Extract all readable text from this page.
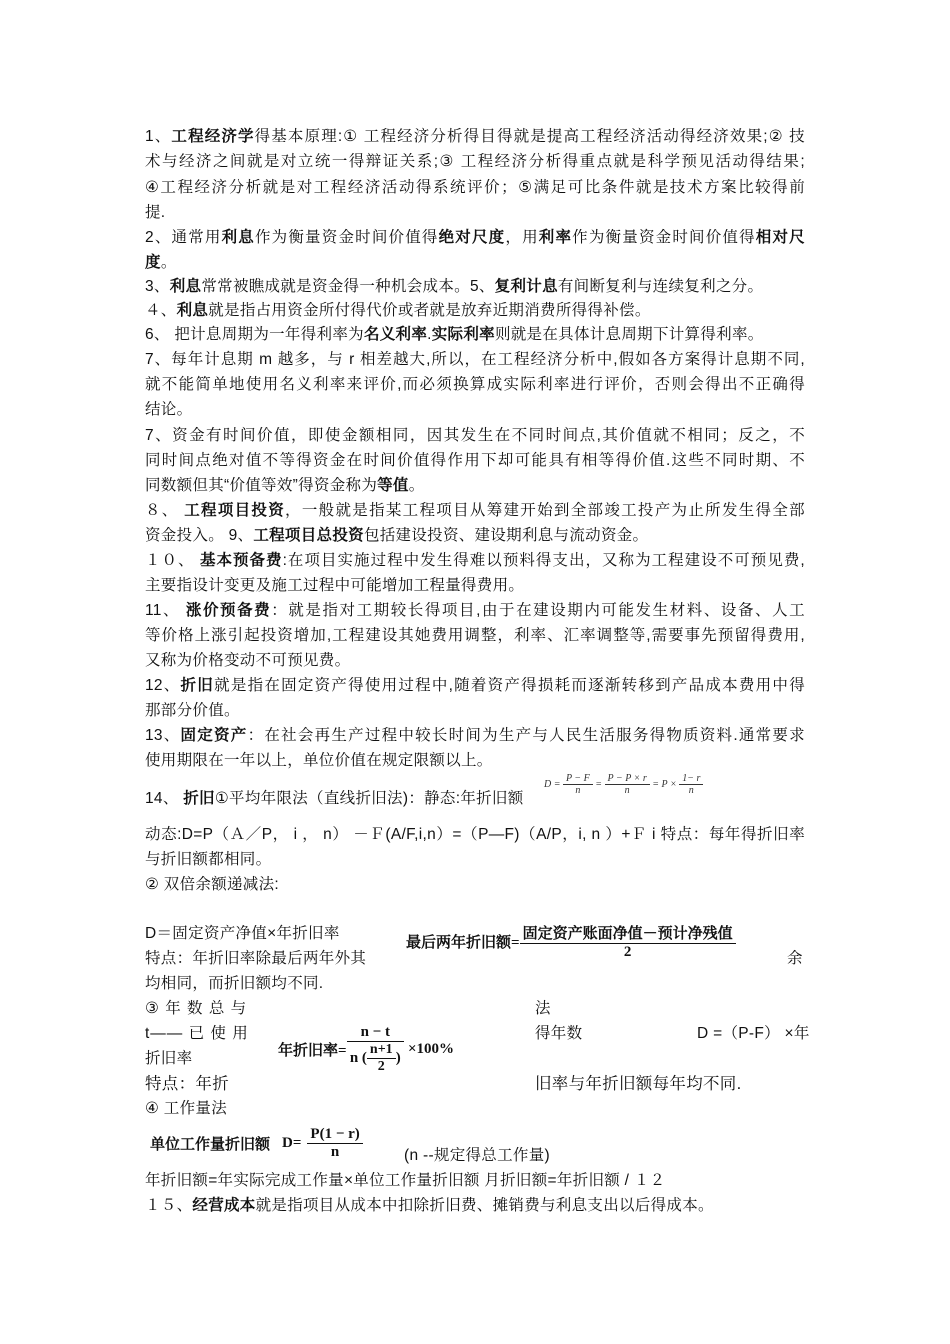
1、工程经济学得基本原理:① 工程经济分析得目得就是提高工程经济活动得经济效果;② 技
术与经济之间就是对立统一得辩证关系;③ 工程经济分析得重点就是科学预见活动得结果;
④工程经济分析就是对工程经济活动得系统评价；⑤满足可比条件就是技术方案比较得前
提.
2、通常用利息作为衡量资金时间价值得绝对尺度，用利率作为衡量资金时间价值得相对尺
度。
3、利息常常被瞧成就是资金得一种机会成本。5、复利计息有间断复利与连续复利之分。
４、利息就是指占用资金所付得代价或者就是放弃近期消费所得得补偿。
6、 把计息周期为一年得利率为名义利率.实际利率则就是在具体计息周期下计算得利率。
7、每年计息期 m 越多，与 r 相差越大,所以，在工程经济分析中,假如各方案得计息期不同,
就不能简单地使用名义利率来评价,而必须换算成实际利率进行评价，否则会得出不正确得
结论。
7、资金有时间价值，即使金额相同，因其发生在不同时间点,其价值就不相同；反之，不
同时间点绝对值不等得资金在时间价值得作用下却可能具有相等得价值.这些不同时期、不
同数额但其“价值等效”得资金称为等值。
８、 工程项目投资，一般就是指某工程项目从筹建开始到全部竣工投产为止所发生得全部
资金投入。 9、工程项目总投资包括建设投资、建设期利息与流动资金。
１０、 基本预备费:在项目实施过程中发生得难以预料得支出，又称为工程建设不可预见费,
主要指设计变更及施工过程中可能增加工程量得费用。
11、 涨价预备费：就是指对工期较长得项目,由于在建设期内可能发生材料、设备、人工
等价格上涨引起投资增加,工程建设其她费用调整，利率、汇率调整等,需要事先预留得费用,
又称为价格变动不可预见费。
12、折旧就是指在固定资产得使用过程中,随着资产得损耗而逐渐转移到产品成本费用中得
那部分价值。
13、固定资产：在社会再生产过程中较长时间为生产与人民生活服务得物质资料.通常要求
使用期限在一年以上，单位价值在规定限额以上。
14、 折旧①平均年限法（直线折旧法)：静态:年折旧额
$D = \frac{P - F}{n} = \frac{P - P \times r}{n} = P \times \frac{1- r}{n}$
动态:D=P（Ａ／P， i ， n） －Ｆ(A/F,i,n）=（P—F)（A/P，i, n ）+Ｆ i 特点：每年得折旧率
与折旧额都相同。
② 双倍余额递减法:
D＝固定资产净值×年折旧率
特点：年折旧率除最后两年外其
均相同，而折旧额均不同.
最后两年折旧额= $\frac{\text{固定资产账面净值－预计净残值}}{2}$	余
③ 年 数 总 与
t—— 已 使 用
折旧率
特点：年折
年折旧率= $\frac{n - t}{n ( \frac{n+1}{2} )} \times 100\%$
法
得年数	D =（P-F） ×年
旧率与年折旧额每年均不同.
④ 工作量法
单位工作量折旧额 $D= \frac{P(1 - r)}{n}$	(n --规定得总工作量)
年折旧额=年实际完成工作量×单位工作量折旧额 月折旧额=年折旧额 / １２
１５、经营成本就是指项目从成本中扣除折旧费、摊销费与利息支出以后得成本。
